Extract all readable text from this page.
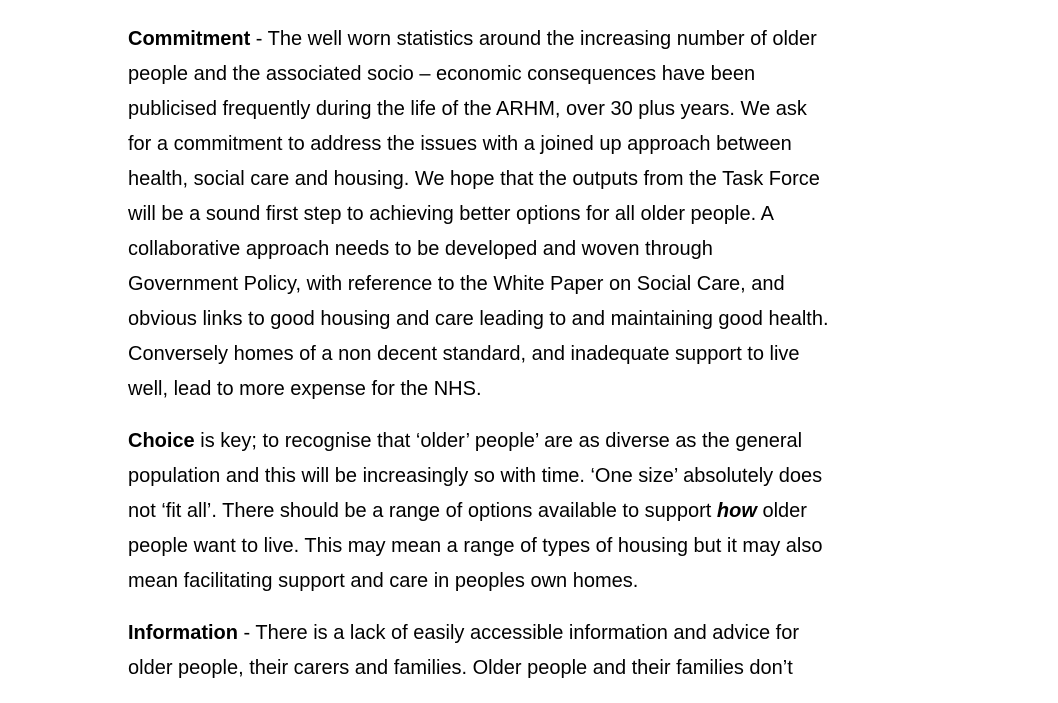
Commitment - The well worn statistics around the increasing number of older
people and the associated socio – economic consequences have been
publicised frequently during the life of the ARHM, over 30 plus years. We ask
for a commitment to address the issues with a joined up approach between
health, social care and housing. We hope that the outputs from the Task Force
will be a sound first step to achieving better options for all older people. A
collaborative approach needs to be developed and woven through
Government Policy, with reference to the White Paper on Social Care, and
obvious links to good housing and care leading to and maintaining good health.
Conversely homes of a non decent standard, and inadequate support to live
well, lead to more expense for the NHS.
Choice is key; to recognise that ‘older’ people’ are as diverse as the general
population and this will be increasingly so with time. ‘One size’ absolutely does
not ‘fit all’. There should be a range of options available to support how older
people want to live. This may mean a range of types of housing but it may also
mean facilitating support and care in peoples own homes.
Information - There is a lack of easily accessible information and advice for
older people, their carers and families. Older people and their families don’t
